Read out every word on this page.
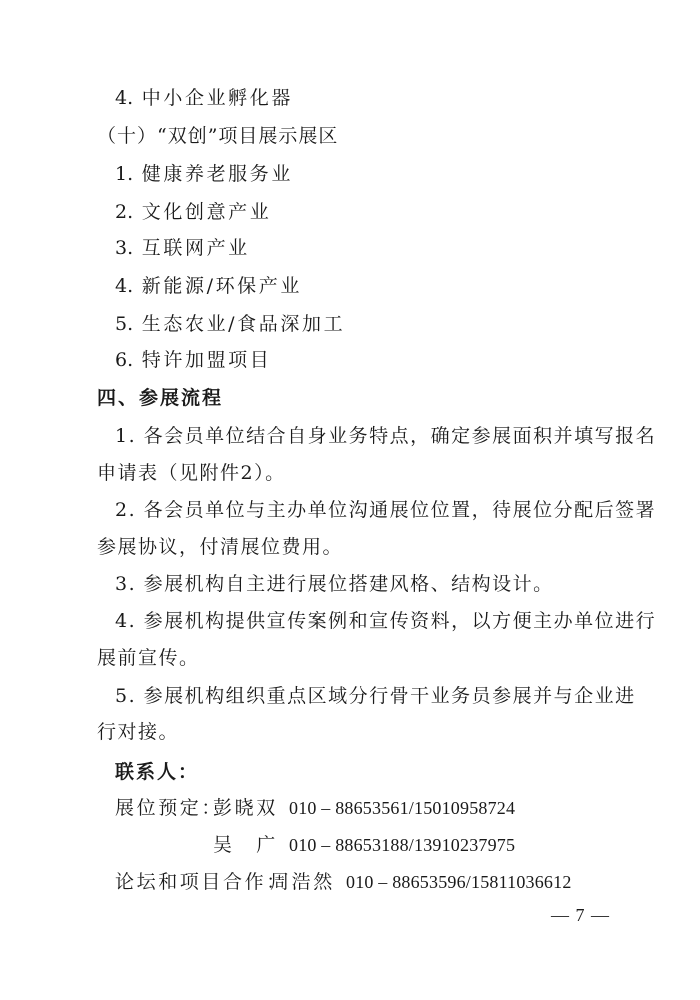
4. 中小企业孵化器
（十）“双创”项目展示展区
1. 健康养老服务业
2. 文化创意产业
3. 互联网产业
4. 新能源/环保产业
5. 生态农业/食品深加工
6. 特许加盟项目
四、参展流程
1. 各会员单位结合自身业务特点，确定参展面积并填写报名
申请表（见附件2）。
2. 各会员单位与主办单位沟通展位位置，待展位分配后签署
参展协议，付清展位费用。
3. 参展机构自主进行展位搭建风格、结构设计。
4. 参展机构提供宣传案例和宣传资料，以方便主办单位进行
展前宣传。
5. 参展机构组织重点区域分行骨干业务员参展并与企业进
行对接。
联系人：
展位预定：
彭晓双 010 – 88653561/15010958724
吴　广 010 – 88653188/13910237975
论坛和项目合作：
周浩然 010 – 88653596/15811036612
— 7 —
